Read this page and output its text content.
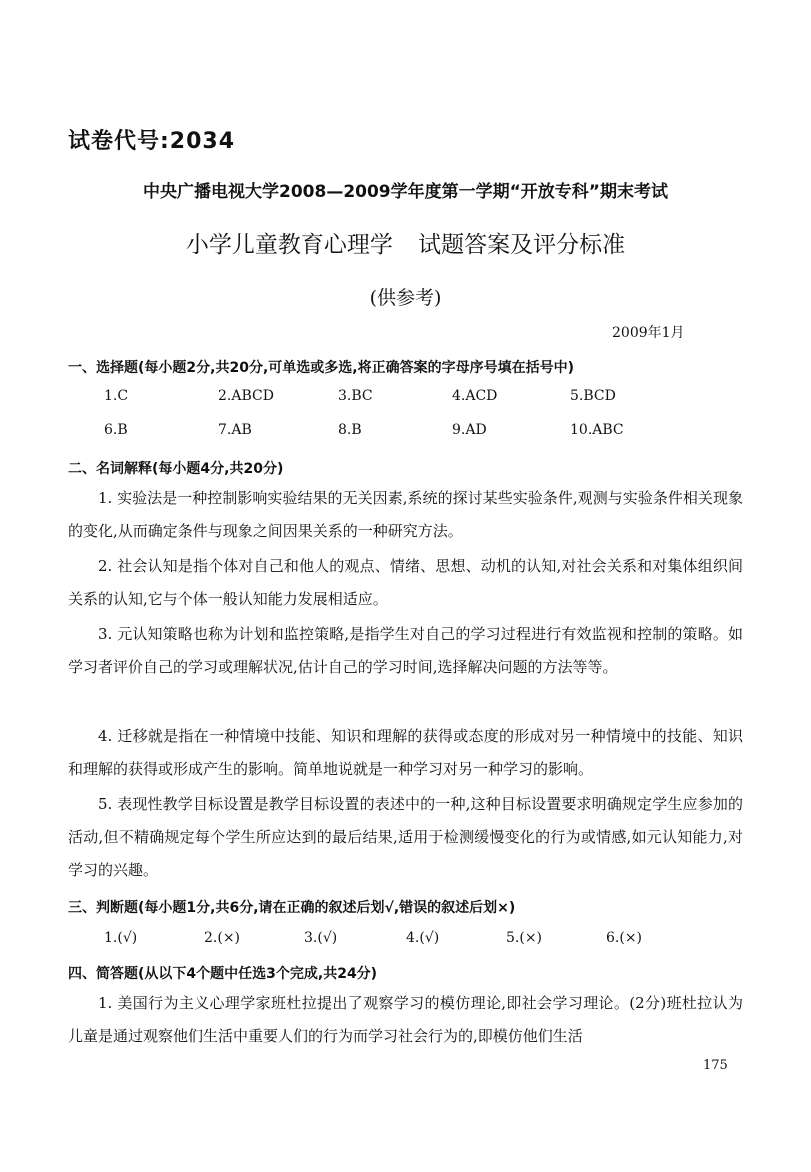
试卷代号:2034
中央广播电视大学2008—2009学年度第一学期“开放专科”期末考试
小学儿童教育心理学 试题答案及评分标准
(供参考)
2009年1月
一、选择题(每小题2分,共20分,可单选或多选,将正确答案的字母序号填在括号中)
1.C	2.ABCD	3.BC	4.ACD	5.BCD
6.B	7.AB	8.B	9.AD	10.ABC
二、名词解释(每小题4分,共20分)
1. 实验法是一种控制影响实验结果的无关因素,系统的探讨某些实验条件,观测与实验条件相关现象的变化,从而确定条件与现象之间因果关系的一种研究方法。
2. 社会认知是指个体对自己和他人的观点、情绪、思想、动机的认知,对社会关系和对集体组织间关系的认知,它与个体一般认知能力发展相适应。
3. 元认知策略也称为计划和监控策略,是指学生对自己的学习过程进行有效监视和控制的策略。如学习者评价自己的学习或理解状况,估计自己的学习时间,选择解决问题的方法等等。
4. 迁移就是指在一种情境中技能、知识和理解的获得或态度的形成对另一种情境中的技能、知识和理解的获得或形成产生的影响。简单地说就是一种学习对另一种学习的影响。
5. 表现性教学目标设置是教学目标设置的表述中的一种,这种目标设置要求明确规定学生应参加的活动,但不精确规定每个学生所应达到的最后结果,适用于检测缓慢变化的行为或情感,如元认知能力,对学习的兴趣。
三、判断题(每小题1分,共6分,请在正确的叙述后划√,错误的叙述后划×)
1.(√)	2.(×)	3.(√)	4.(√)	5.(×)	6.(×)
四、简答题(从以下4个题中任选3个完成,共24分)
1. 美国行为主义心理学家班杜拉提出了观察学习的模仿理论,即社会学习理论。(2分)班杜拉认为儿童是通过观察他们生活中重要人们的行为而学习社会行为的,即模仿他们生活
175
